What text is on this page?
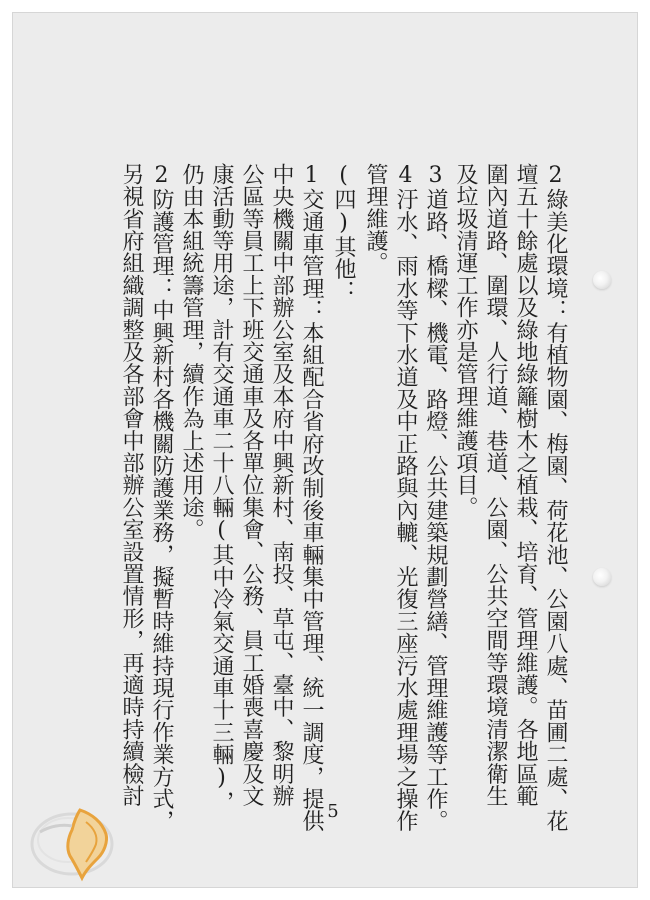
2綠美化環境：有植物園、梅園、荷花池、公園八處、苗圃二處、花
壇五十餘處以及綠地綠籬樹木之植栽、培育、管理維護。各地區範
圍內道路、圍環、人行道、巷道、公園、公共空間等環境清潔衛生
及垃圾清運工作亦是管理維護項目。
3道路、橋樑、機電、路燈、公共建築規劃營繕、管理維護等工作。
4汙水、雨水等下水道及中正路與內轆、光復三座污水處理場之操作
管理維護。
(四)其他：
1交通車管理：本組配合省府改制後車輛集中管理、統一調度，提供
中央機關中部辦公室及本府中興新村、南投、草屯、臺中、黎明辦
公區等員工上下班交通車及各單位集會、公務、員工婚喪喜慶及文
康活動等用途，計有交通車二十八輛(其中冷氣交通車十三輛)，
仍由本組統籌管理，續作為上述用途。
2防護管理：中興新村各機關防護業務，擬暫時維持現行作業方式，
另視省府組織調整及各部會中部辦公室設置情形，再適時持續檢討
5
